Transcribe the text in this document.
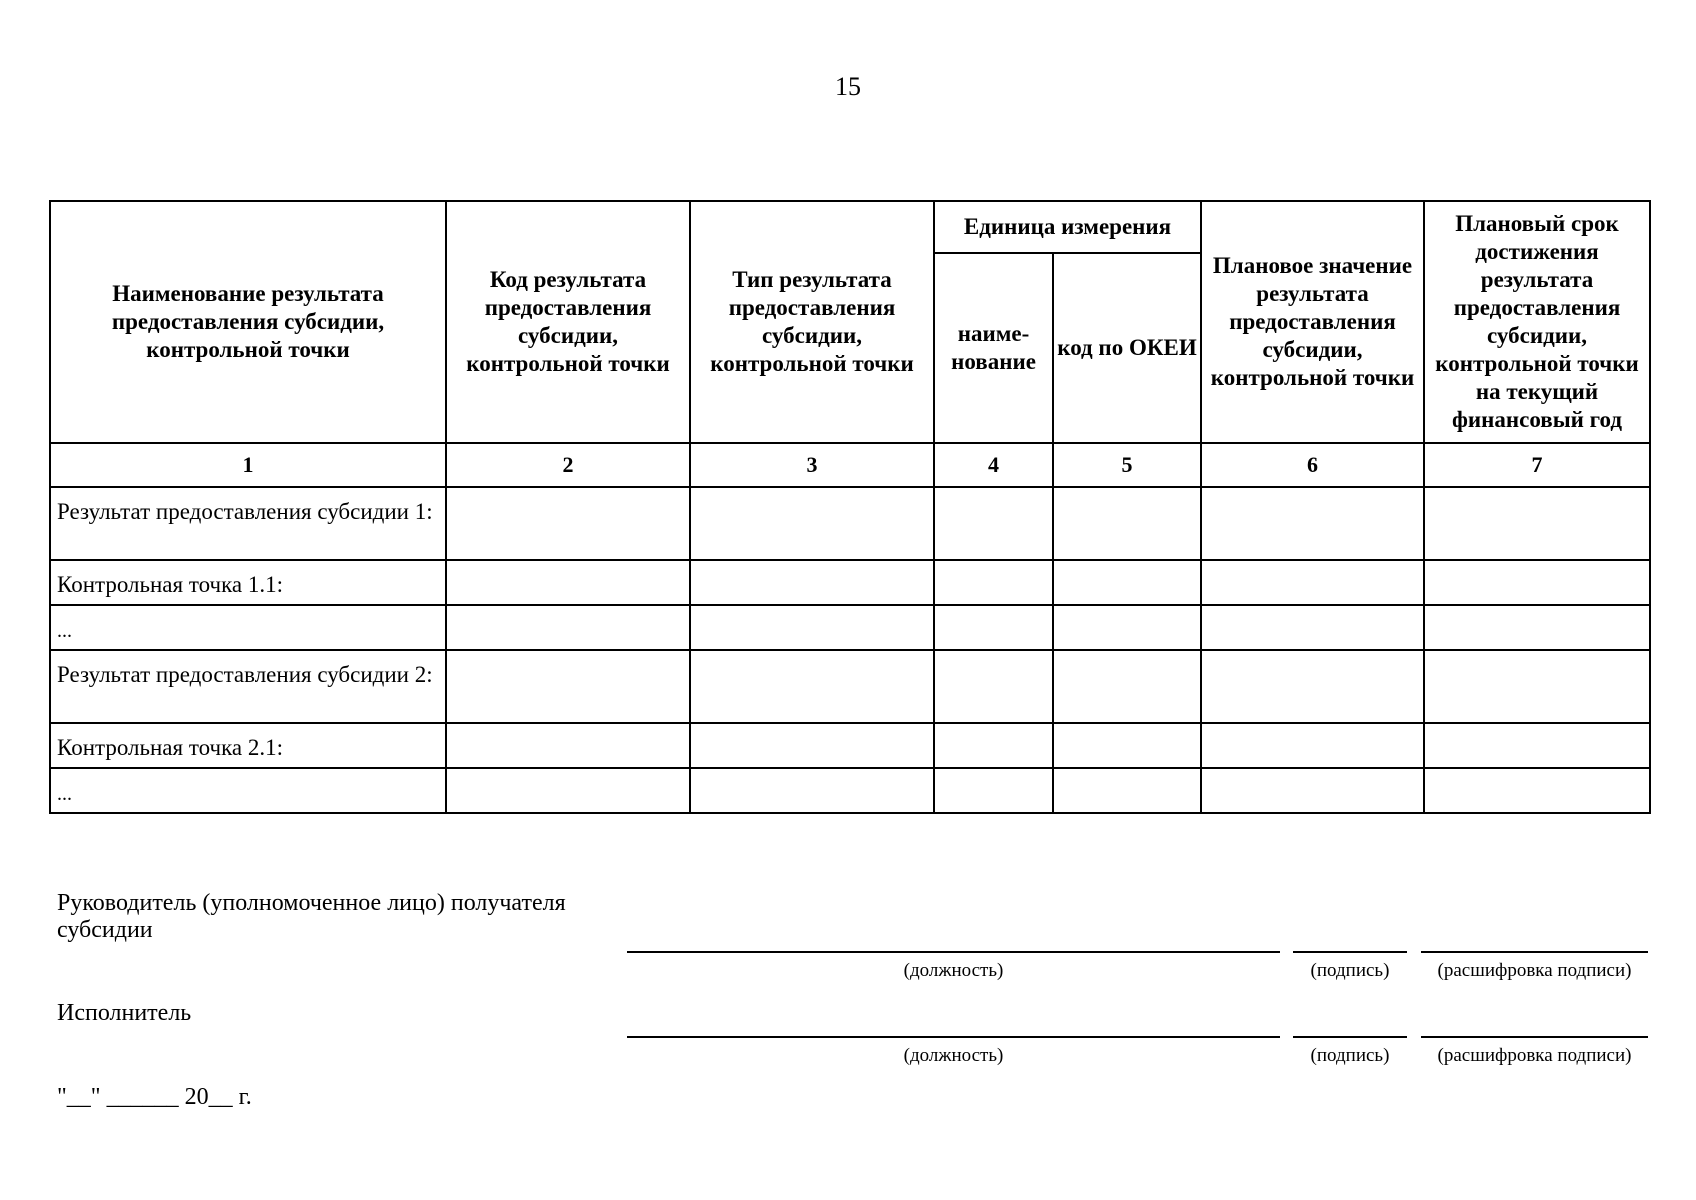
15
Наименование результата предоставления субсидии, контрольной точки	Код результата предоставления субсидии, контрольной точки	Тип результата предоставления субсидии, контрольной точки	Единица измерения		Плановое значение результата предоставления субсидии, контрольной точки	Плановый срок достижения результата предоставления субсидии, контрольной точки на текущий финансовый год
			наиме-нование	код по ОКЕИ		
1	2	3	4	5	6	7
Результат предоставления субсидии 1:						
Контрольная точка 1.1:						
...						
Результат предоставления субсидии 2:						
Контрольная точка 2.1:						
...						
Руководитель (уполномоченное лицо) получателя субсидии
(должность)	(подпись)	(расшифровка подписи)
Исполнитель
(должность)	(подпись)	(расшифровка подписи)
"__" ______ 20__ г.
